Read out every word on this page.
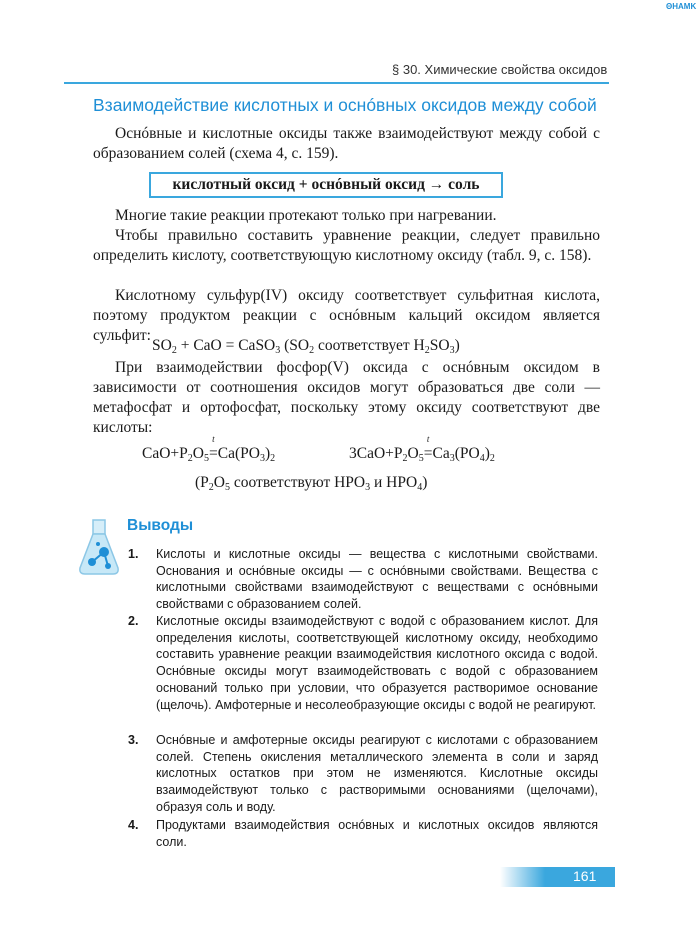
ΘHAMK
§ 30. Химические свойства оксидов
Взаимодействие кислотных и оснóвных оксидов между собой
Оснóвные и кислотные оксиды также взаимодействуют между собой с образованием солей (схема 4, с. 159).
кислотный оксид + оснóвный оксид → соль
Многие такие реакции протекают только при нагревании.
Чтобы правильно составить уравнение реакции, следует правильно определить кислоту, соответствующую кислотному оксиду (табл. 9, с. 158).
Кислотному сульфур(IV) оксиду соответствует сульфитная кислота, поэтому продуктом реакции с оснóвным кальций оксидом является сульфит:
$SO_2$ + CaO = CaSO$_3$ ($SO_2$ соответствует $H_2SO_3$)
При взаимодействии фосфор(V) оксида с оснóвным оксидом в зависимости от соотношения оксидов могут образоваться две соли — метафосфат и ортофосфат, поскольку этому оксиду соответствуют две кислоты:
$CaO+P_2O_5$
t
$=Ca(PO_3)_2$	$3CaO+P_2O_5$
t
$=Ca_3(PO_4)_2$
($P_2O_5$ соответствуют $HPO_3$ и $HPO_4$)
Выводы
1. Кислоты и кислотные оксиды — вещества с кислотными свойствами. Основания и оснóвные оксиды — с оснóвными свойствами. Вещества с кислотными свойствами взаимодействуют с веществами с оснóвными свойствами с образованием солей.
2. Кислотные оксиды взаимодействуют с водой с образованием кислот. Для определения кислоты, соответствующей кислотному оксиду, необходимо составить уравнение реакции взаимодействия кислотного оксида с водой. Оснóвные оксиды могут взаимодействовать с водой с образованием оснований только при условии, что образуется растворимое основание (щелочь). Амфотерные и несолеобразующие оксиды с водой не реагируют.
3. Оснóвные и амфотерные оксиды реагируют с кислотами с образованием солей. Степень окисления металлического элемента в соли и заряд кислотных остатков при этом не изменяются. Кислотные оксиды взаимодействуют только с растворимыми основаниями (щелочами), образуя соль и воду.
4. Продуктами взаимодействия оснóвных и кислотных оксидов являются соли.
161
